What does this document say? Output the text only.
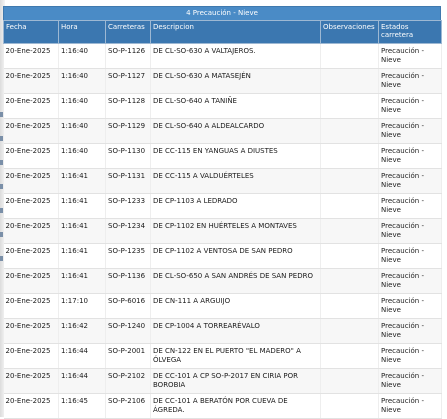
4 Precaución - Nieve
Fecha	Hora	Carreteras	Descripcion	Observaciones	Estados carretera
20-Ene-2025	1:16:40	SO-P-1126	DE CL-SO-630 A VALTAJEROS.		Precaución - Nieve
20-Ene-2025	1:16:40	SO-P-1127	DE CL-SO-630 A MATASEJÉN		Precaución - Nieve
20-Ene-2025	1:16:40	SO-P-1128	DE CL-SO-640 A TANIÑE		Precaución - Nieve
20-Ene-2025	1:16:40	SO-P-1129	DE CL-SO-640 A ALDEALCARDO		Precaución - Nieve
20-Ene-2025	1:16:40	SO-P-1130	DE CC-115 EN YANGUAS A DIUSTES		Precaución - Nieve
20-Ene-2025	1:16:41	SO-P-1131	DE CC-115 A VALDUÉRTELES		Precaución - Nieve
20-Ene-2025	1:16:41	SO-P-1233	DE CP-1103 A LEDRADO		Precaución - Nieve
20-Ene-2025	1:16:41	SO-P-1234	DE CP-1102 EN HUÉRTELES A MONTAVES		Precaución - Nieve
20-Ene-2025	1:16:41	SO-P-1235	DE CP-1102 A VENTOSA DE SAN PEDRO		Precaución - Nieve
20-Ene-2025	1:16:41	SO-P-1136	DE CL-SO-650 A SAN ANDRÉS DE SAN PEDRO		Precaución - Nieve
20-Ene-2025	1:17:10	SO-P-6016	DE CN-111 A ARGUIJO		Precaución - Nieve
20-Ene-2025	1:16:42	SO-P-1240	DE CP-1004 A TORREARÉVALO		Precaución - Nieve
20-Ene-2025	1:16:44	SO-P-2001	DE CN-122 EN EL PUERTO "EL MADERO" A ÓLVEGA		Precaución - Nieve
20-Ene-2025	1:16:44	SO-P-2102	DE CC-101 A CP SO-P-2017 EN CIRIA POR BOROBIA		Precaución - Nieve
20-Ene-2025	1:16:45	SO-P-2106	DE CC-101 A BERATÓN POR CUEVA DE ÁGREDA.		Precaución - Nieve
